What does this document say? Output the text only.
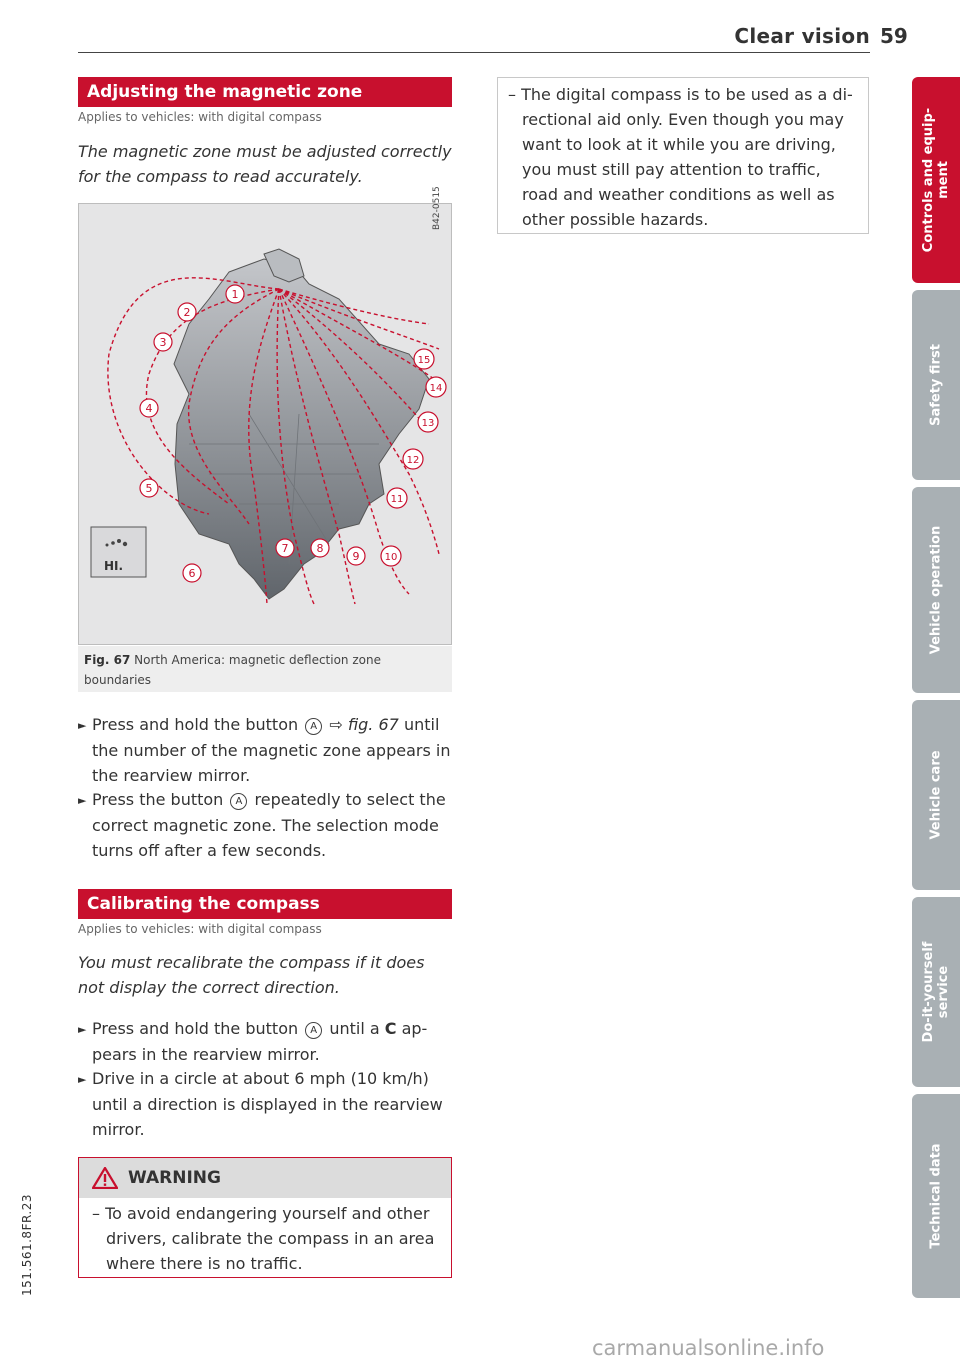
Clear vision 59
Adjusting the magnetic zone
Applies to vehicles: with digital compass
The magnetic zone must be adjusted correctly
for the compass to read accurately.
HI.
1
2
3
4
5
6
7	8
9	10
11
12
13
14
15
B42-0515
Fig. 67 North America: magnetic deflection zone
boundaries
► Press and hold the button A ⇨ fig. 67 until
the number of the magnetic zone appears in
the rearview mirror.
► Press the button A repeatedly to select the
correct magnetic zone. The selection mode
turns off after a few seconds.
Calibrating the compass
Applies to vehicles: with digital compass
You must recalibrate the compass if it does
not display the correct direction.
► Press and hold the button A until a C ap-
pears in the rearview mirror.
► Drive in a circle at about 6 mph (10 km/h)
until a direction is displayed in the rearview
mirror.
WARNING
– To avoid endangering yourself and other
drivers, calibrate the compass in an area
where there is no traffic.
– The digital compass is to be used as a di-
rectional aid only. Even though you may
want to look at it while you are driving,
you must still pay attention to traffic,
road and weather conditions as well as
other possible hazards.	Controls and equip-
ment
Safety first
Vehicle operation
Vehicle care
Do-it-yourself
service
Technical data
151.561.8FR.23
carmanualsonline.info
